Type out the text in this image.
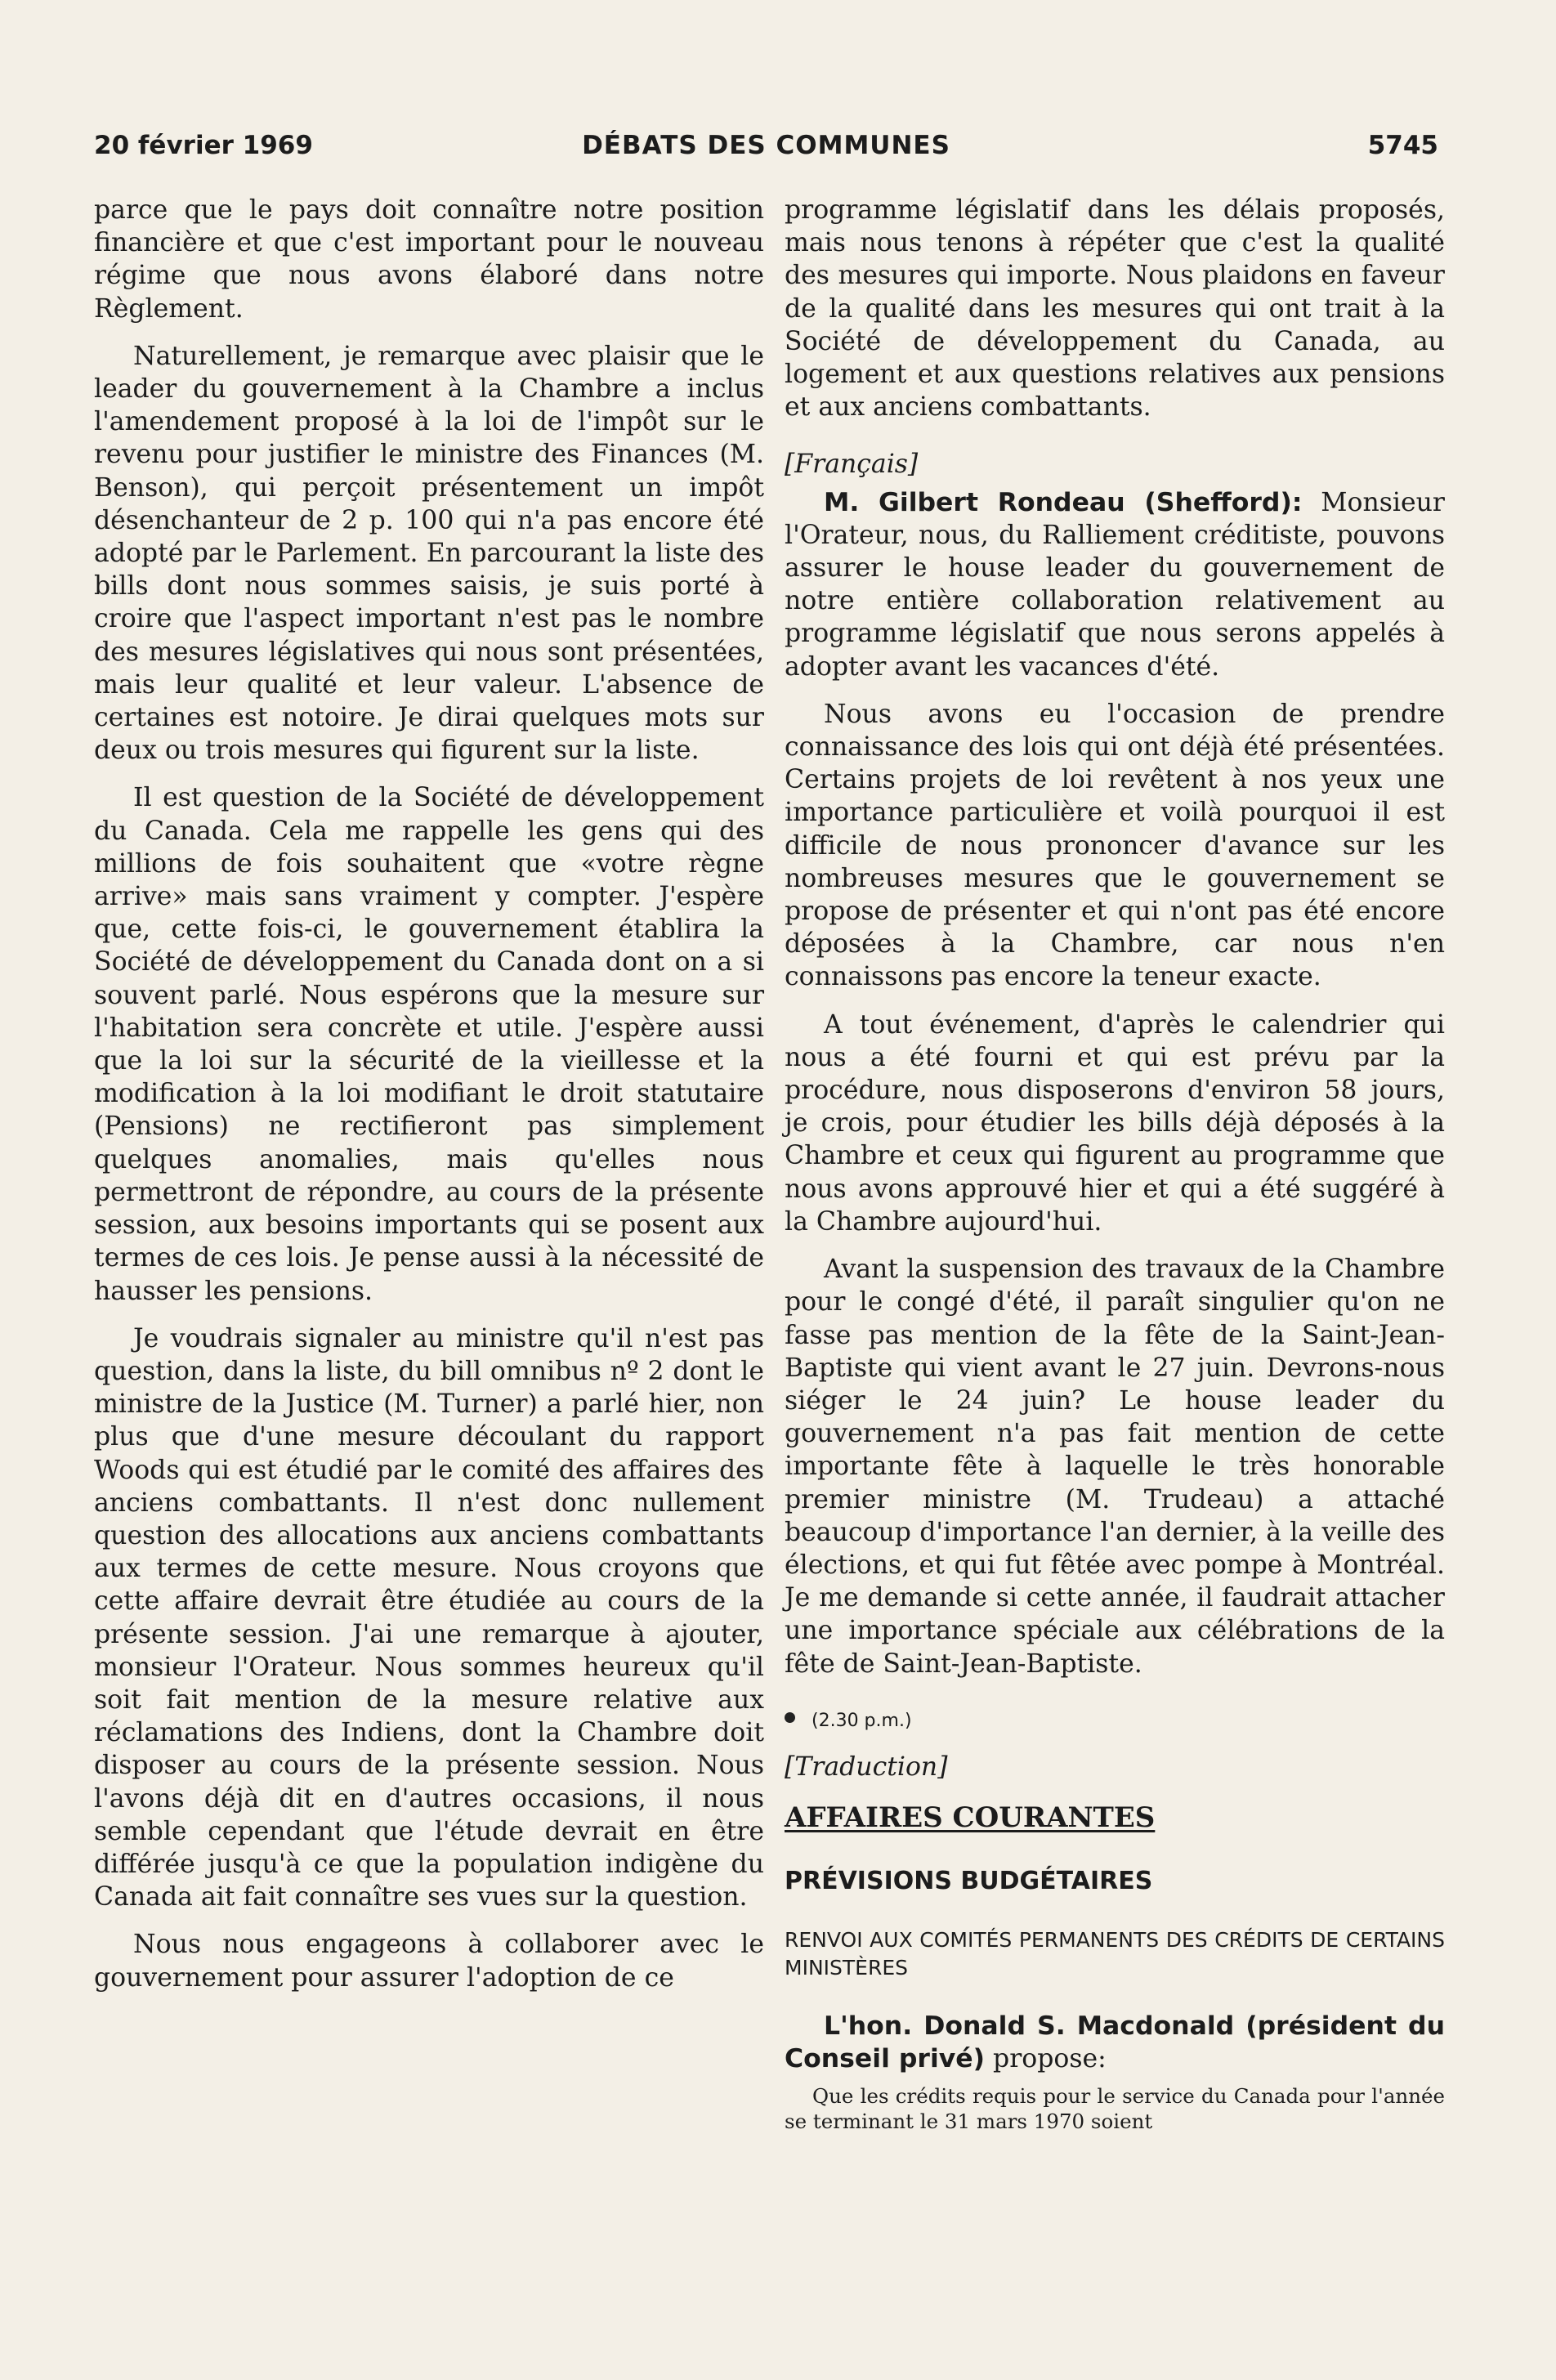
20 février 1969	DÉBATS DES COMMUNES	5745

parce que le pays doit connaître notre position financière et que c'est important pour le nouveau régime que nous avons élaboré dans notre Règlement.

Naturellement, je remarque avec plaisir que le leader du gouvernement à la Chambre a inclus l'amendement proposé à la loi de l'impôt sur le revenu pour justifier le ministre des Finances (M. Benson), qui perçoit présentement un impôt désenchanteur de 2 p. 100 qui n'a pas encore été adopté par le Parlement. En parcourant la liste des bills dont nous sommes saisis, je suis porté à croire que l'aspect important n'est pas le nombre des mesures législatives qui nous sont présentées, mais leur qualité et leur valeur. L'absence de certaines est notoire. Je dirai quelques mots sur deux ou trois mesures qui figurent sur la liste.

Il est question de la Société de développement du Canada. Cela me rappelle les gens qui des millions de fois souhaitent que «votre règne arrive» mais sans vraiment y compter. J'espère que, cette fois-ci, le gouvernement établira la Société de développement du Canada dont on a si souvent parlé. Nous espérons que la mesure sur l'habitation sera concrète et utile. J'espère aussi que la loi sur la sécurité de la vieillesse et la modification à la loi modifiant le droit statutaire (Pensions) ne rectifieront pas simplement quelques anomalies, mais qu'elles nous permettront de répondre, au cours de la présente session, aux besoins importants qui se posent aux termes de ces lois. Je pense aussi à la nécessité de hausser les pensions.

Je voudrais signaler au ministre qu'il n'est pas question, dans la liste, du bill omnibus nº 2 dont le ministre de la Justice (M. Turner) a parlé hier, non plus que d'une mesure découlant du rapport Woods qui est étudié par le comité des affaires des anciens combattants. Il n'est donc nullement question des allocations aux anciens combattants aux termes de cette mesure. Nous croyons que cette affaire devrait être étudiée au cours de la présente session. J'ai une remarque à ajouter, monsieur l'Orateur. Nous sommes heureux qu'il soit fait mention de la mesure relative aux réclamations des Indiens, dont la Chambre doit disposer au cours de la présente session. Nous l'avons déjà dit en d'autres occasions, il nous semble cependant que l'étude devrait en être différée jusqu'à ce que la population indigène du Canada ait fait connaître ses vues sur la question.

Nous nous engageons à collaborer avec le gouvernement pour assurer l'adoption de ce

programme législatif dans les délais proposés, mais nous tenons à répéter que c'est la qualité des mesures qui importe. Nous plaidons en faveur de la qualité dans les mesures qui ont trait à la Société de développement du Canada, au logement et aux questions relatives aux pensions et aux anciens combattants.

[Français]

M. Gilbert Rondeau (Shefford): Monsieur l'Orateur, nous, du Ralliement créditiste, pouvons assurer le house leader du gouvernement de notre entière collaboration relativement au programme législatif que nous serons appelés à adopter avant les vacances d'été.

Nous avons eu l'occasion de prendre connaissance des lois qui ont déjà été présentées. Certains projets de loi revêtent à nos yeux une importance particulière et voilà pourquoi il est difficile de nous prononcer d'avance sur les nombreuses mesures que le gouvernement se propose de présenter et qui n'ont pas été encore déposées à la Chambre, car nous n'en connaissons pas encore la teneur exacte.

A tout événement, d'après le calendrier qui nous a été fourni et qui est prévu par la procédure, nous disposerons d'environ 58 jours, je crois, pour étudier les bills déjà déposés à la Chambre et ceux qui figurent au programme que nous avons approuvé hier et qui a été suggéré à la Chambre aujourd'hui.

Avant la suspension des travaux de la Chambre pour le congé d'été, il paraît singulier qu'on ne fasse pas mention de la fête de la Saint-Jean-Baptiste qui vient avant le 27 juin. Devrons-nous siéger le 24 juin? Le house leader du gouvernement n'a pas fait mention de cette importante fête à laquelle le très honorable premier ministre (M. Trudeau) a attaché beaucoup d'importance l'an dernier, à la veille des élections, et qui fut fêtée avec pompe à Montréal. Je me demande si cette année, il faudrait attacher une importance spéciale aux célébrations de la fête de Saint-Jean-Baptiste.

(2.30 p.m.)

[Traduction]

AFFAIRES COURANTES

PRÉVISIONS BUDGÉTAIRES

RENVOI AUX COMITÉS PERMANENTS DES CRÉDITS DE CERTAINS MINISTÈRES

L'hon. Donald S. Macdonald (président du Conseil privé) propose:

Que les crédits requis pour le service du Canada pour l'année se terminant le 31 mars 1970 soient
